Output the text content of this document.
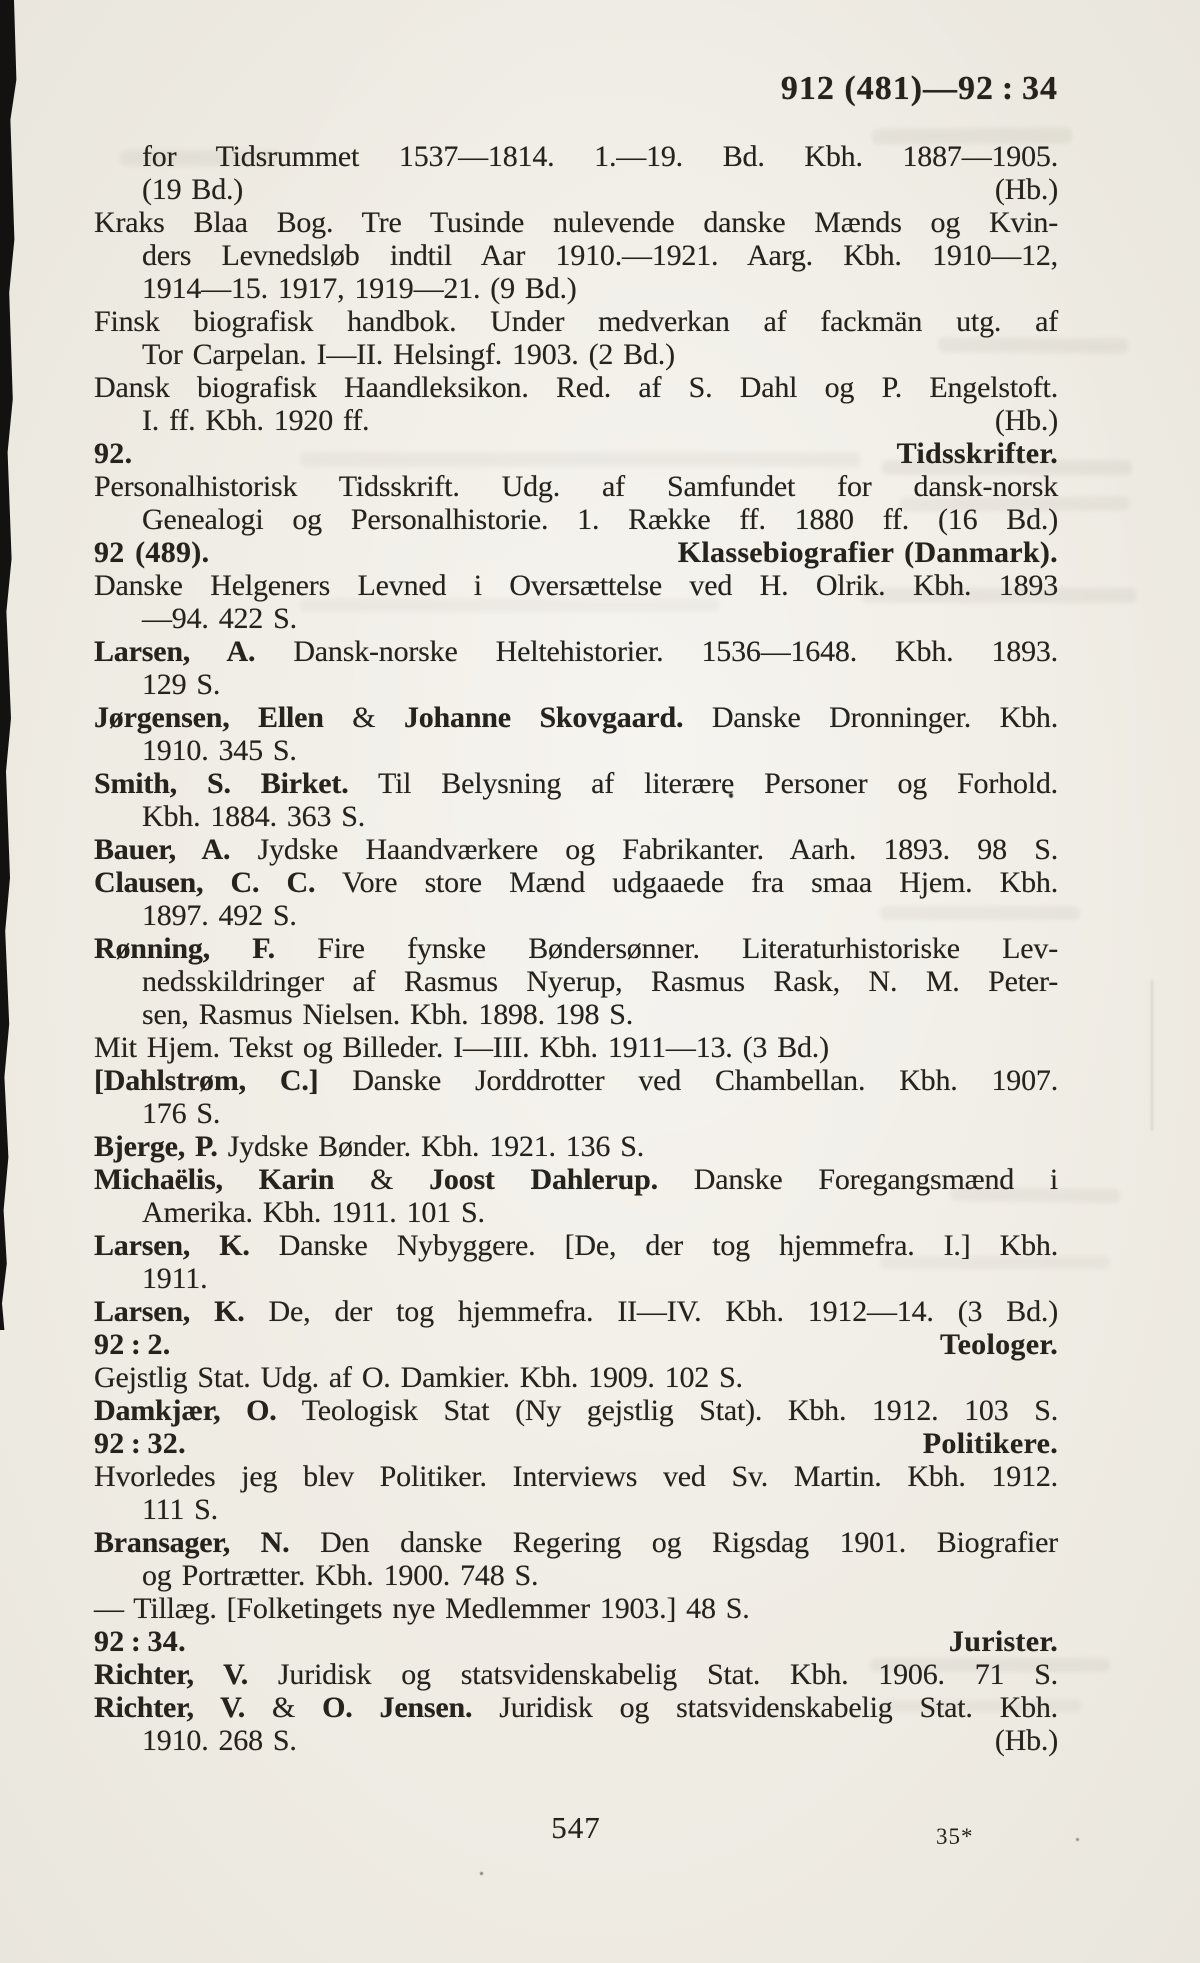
912 (481)—92 : 34
for Tidsrummet 1537—1814. 1.—19. Bd. Kbh. 1887—1905.
(19 Bd.)	(Hb.)
Kraks Blaa Bog. Tre Tusinde nulevende danske Mænds og Kvin-
ders Levnedsløb indtil Aar 1910.—1921. Aarg. Kbh. 1910—12,
1914—15. 1917, 1919—21. (9 Bd.)
Finsk biografisk handbok. Under medverkan af fackmän utg. af
Tor Carpelan. I—II. Helsingf. 1903. (2 Bd.)
Dansk biografisk Haandleksikon. Red. af S. Dahl og P. Engelstoft.
I. ff. Kbh. 1920 ff.	(Hb.)
92.	Tidsskrifter.
Personalhistorisk Tidsskrift. Udg. af Samfundet for dansk-norsk
Genealogi og Personalhistorie. 1. Række ff. 1880 ff. (16 Bd.)
92 (489).	Klassebiografier (Danmark).
Danske Helgeners Levned i Oversættelse ved H. Olrik. Kbh. 1893
—94. 422 S.
Larsen, A. Dansk-norske Heltehistorier. 1536—1648. Kbh. 1893.
129 S.
Jørgensen, Ellen & Johanne Skovgaard. Danske Dronninger. Kbh.
1910. 345 S.
Smith, S. Birket. Til Belysning af literære Personer og Forhold.
Kbh. 1884. 363 S.
Bauer, A. Jydske Haandværkere og Fabrikanter. Aarh. 1893. 98 S.
Clausen, C. C. Vore store Mænd udgaaede fra smaa Hjem. Kbh.
1897. 492 S.
Rønning, F. Fire fynske Bøndersønner. Literaturhistoriske Lev-
nedsskildringer af Rasmus Nyerup, Rasmus Rask, N. M. Peter-
sen, Rasmus Nielsen. Kbh. 1898. 198 S.
Mit Hjem. Tekst og Billeder. I—III. Kbh. 1911—13. (3 Bd.)
[Dahlstrøm, C.] Danske Jorddrotter ved Chambellan. Kbh. 1907.
176 S.
Bjerge, P. Jydske Bønder. Kbh. 1921. 136 S.
Michaëlis, Karin & Joost Dahlerup. Danske Foregangsmænd i
Amerika. Kbh. 1911. 101 S.
Larsen, K. Danske Nybyggere. [De, der tog hjemmefra. I.] Kbh.
1911.
Larsen, K. De, der tog hjemmefra. II—IV. Kbh. 1912—14. (3 Bd.)
92 : 2.	Teologer.
Gejstlig Stat. Udg. af O. Damkier. Kbh. 1909. 102 S.
Damkjær, O. Teologisk Stat (Ny gejstlig Stat). Kbh. 1912. 103 S.
92 : 32.	Politikere.
Hvorledes jeg blev Politiker. Interviews ved Sv. Martin. Kbh. 1912.
111 S.
Bransager, N. Den danske Regering og Rigsdag 1901. Biografier
og Portrætter. Kbh. 1900. 748 S.
— Tillæg. [Folketingets nye Medlemmer 1903.] 48 S.
92 : 34.	Jurister.
Richter, V. Juridisk og statsvidenskabelig Stat. Kbh. 1906. 71 S.
Richter, V. & O. Jensen. Juridisk og statsvidenskabelig Stat. Kbh.
1910. 268 S.	(Hb.)
547	35*
